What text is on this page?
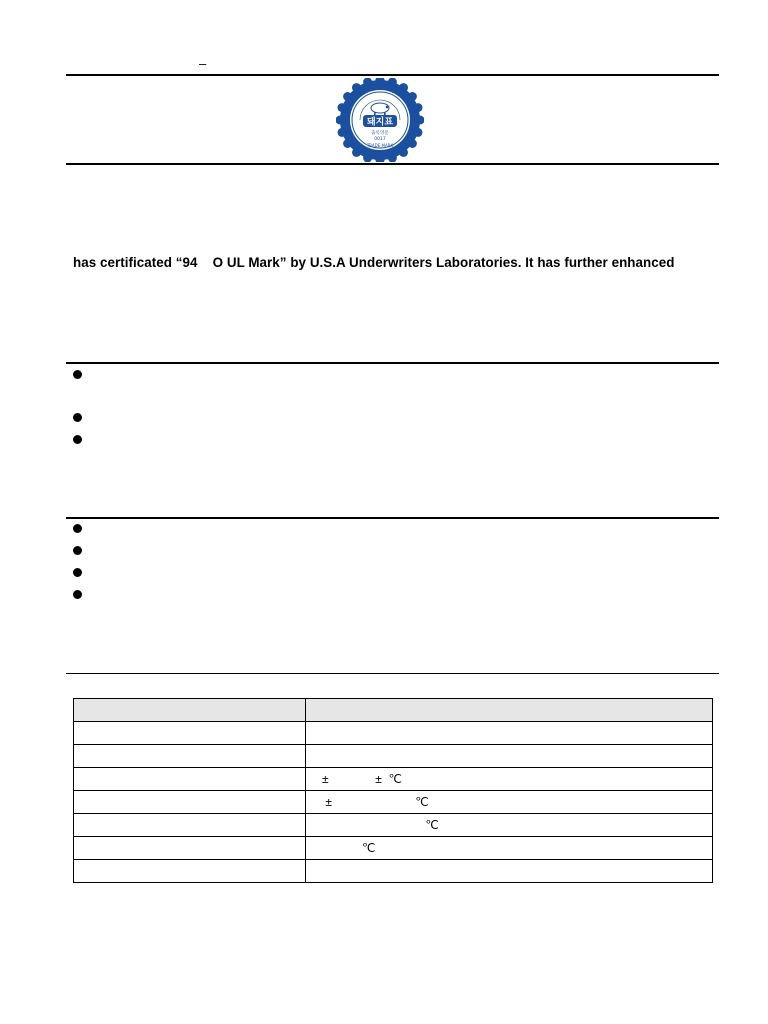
–
돼지표
출록영문
0017
TRADE MARK
has certificated “94    O UL Mark” by U.S.A Underwriters Laboratories. It has further enhanced

	±              ±  ℃
	±                         ℃
	℃
	℃
